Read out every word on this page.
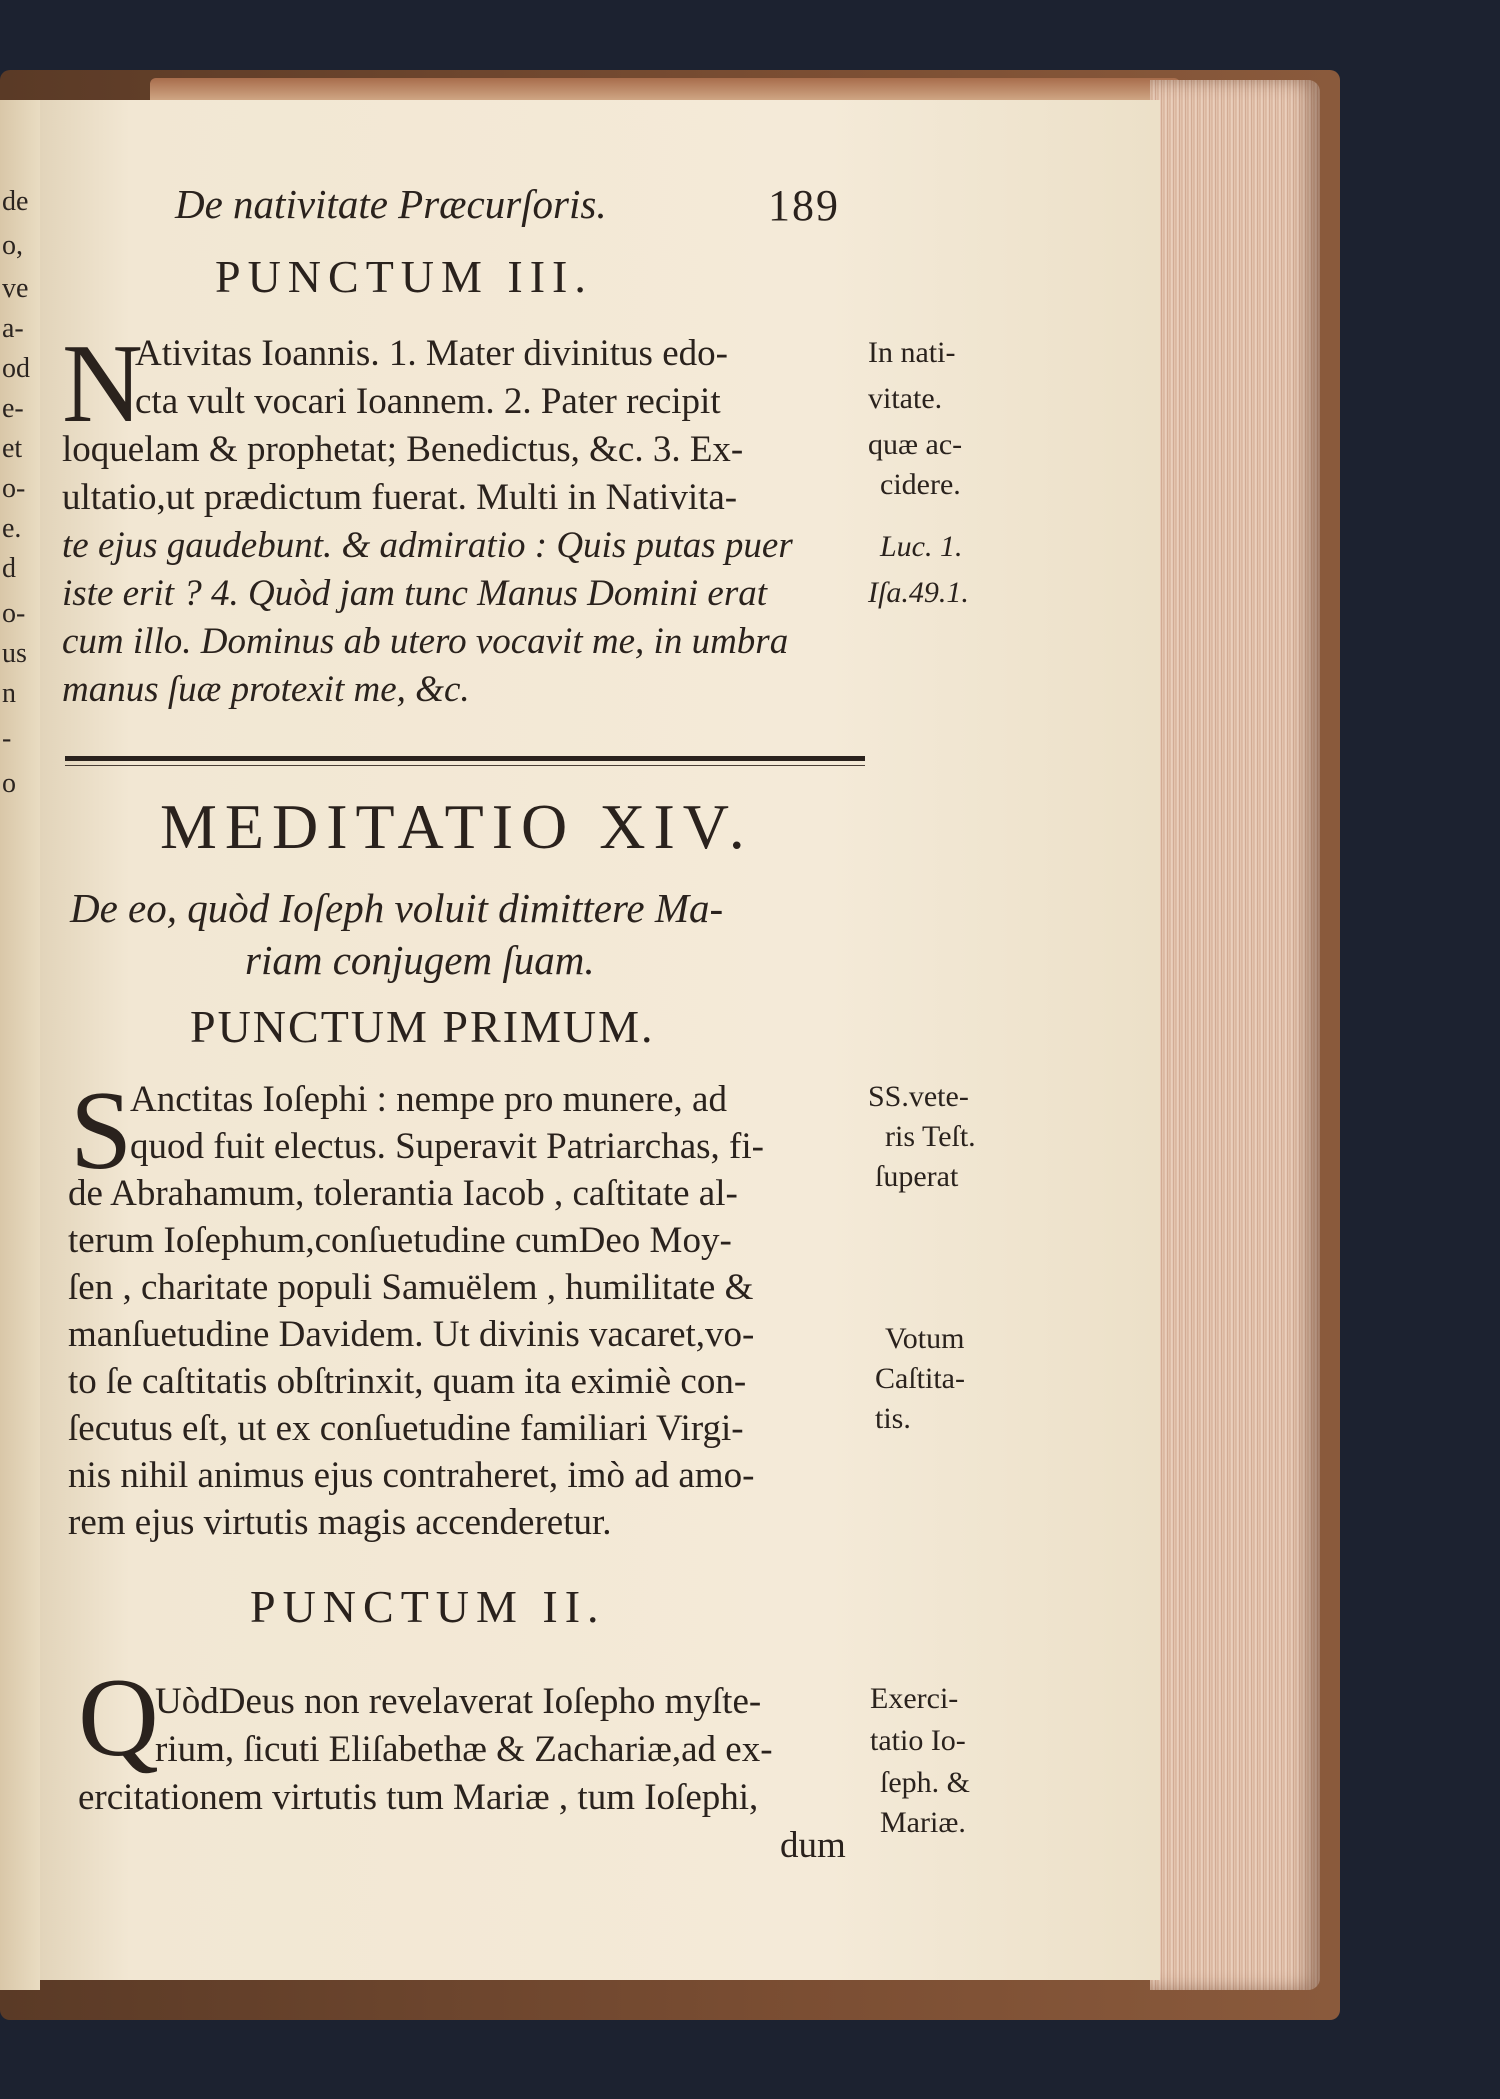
de
o,
ve
a-
od
e-
et
o-
e.
d
o-
us
n
-
o
De nativitate Præcurſoris.	189
PUNCTUM III.
N
Ativitas Ioannis. 1. Mater divinitus edo-
cta vult vocari Ioannem. 2. Pater recipit
loquelam & prophetat; Benedictus, &c. 3. Ex-
ultatio,ut prædictum fuerat. Multi in Nativita-
te ejus gaudebunt. & admiratio : Quis putas puer
iste erit ? 4. Quòd jam tunc Manus Domini erat
cum illo. Dominus ab utero vocavit me, in umbra
manus ſuæ protexit me, &c.
In nati-
vitate.
quæ ac-
cidere.
Luc. 1.
Iſa.49.1.
MEDITATIO XIV.
De eo, quòd Ioſeph voluit dimittere Ma-
riam conjugem ſuam.
PUNCTUM PRIMUM.
S
Anctitas Ioſephi : nempe pro munere, ad
quod fuit electus. Superavit Patriarchas, fi-
de Abrahamum, tolerantia Iacob , caſtitate al-
terum Ioſephum,conſuetudine cumDeo Moy-
ſen , charitate populi Samuëlem , humilitate &
manſuetudine Davidem. Ut divinis vacaret,vo-
to ſe caſtitatis obſtrinxit, quam ita eximiè con-
ſecutus eſt, ut ex conſuetudine familiari Virgi-
nis nihil animus ejus contraheret, imò ad amo-
rem ejus virtutis magis accenderetur.
SS.vete-
ris Teſt.
ſuperat
Votum
Caſtita-
tis.
PUNCTUM II.
Q
UòdDeus non revelaverat Ioſepho myſte-
rium, ſicuti Eliſabethæ & Zachariæ,ad ex-
ercitationem virtutis tum Mariæ , tum Ioſephi,
dum
Exerci-
tatio Io-
ſeph. &
Mariæ.
